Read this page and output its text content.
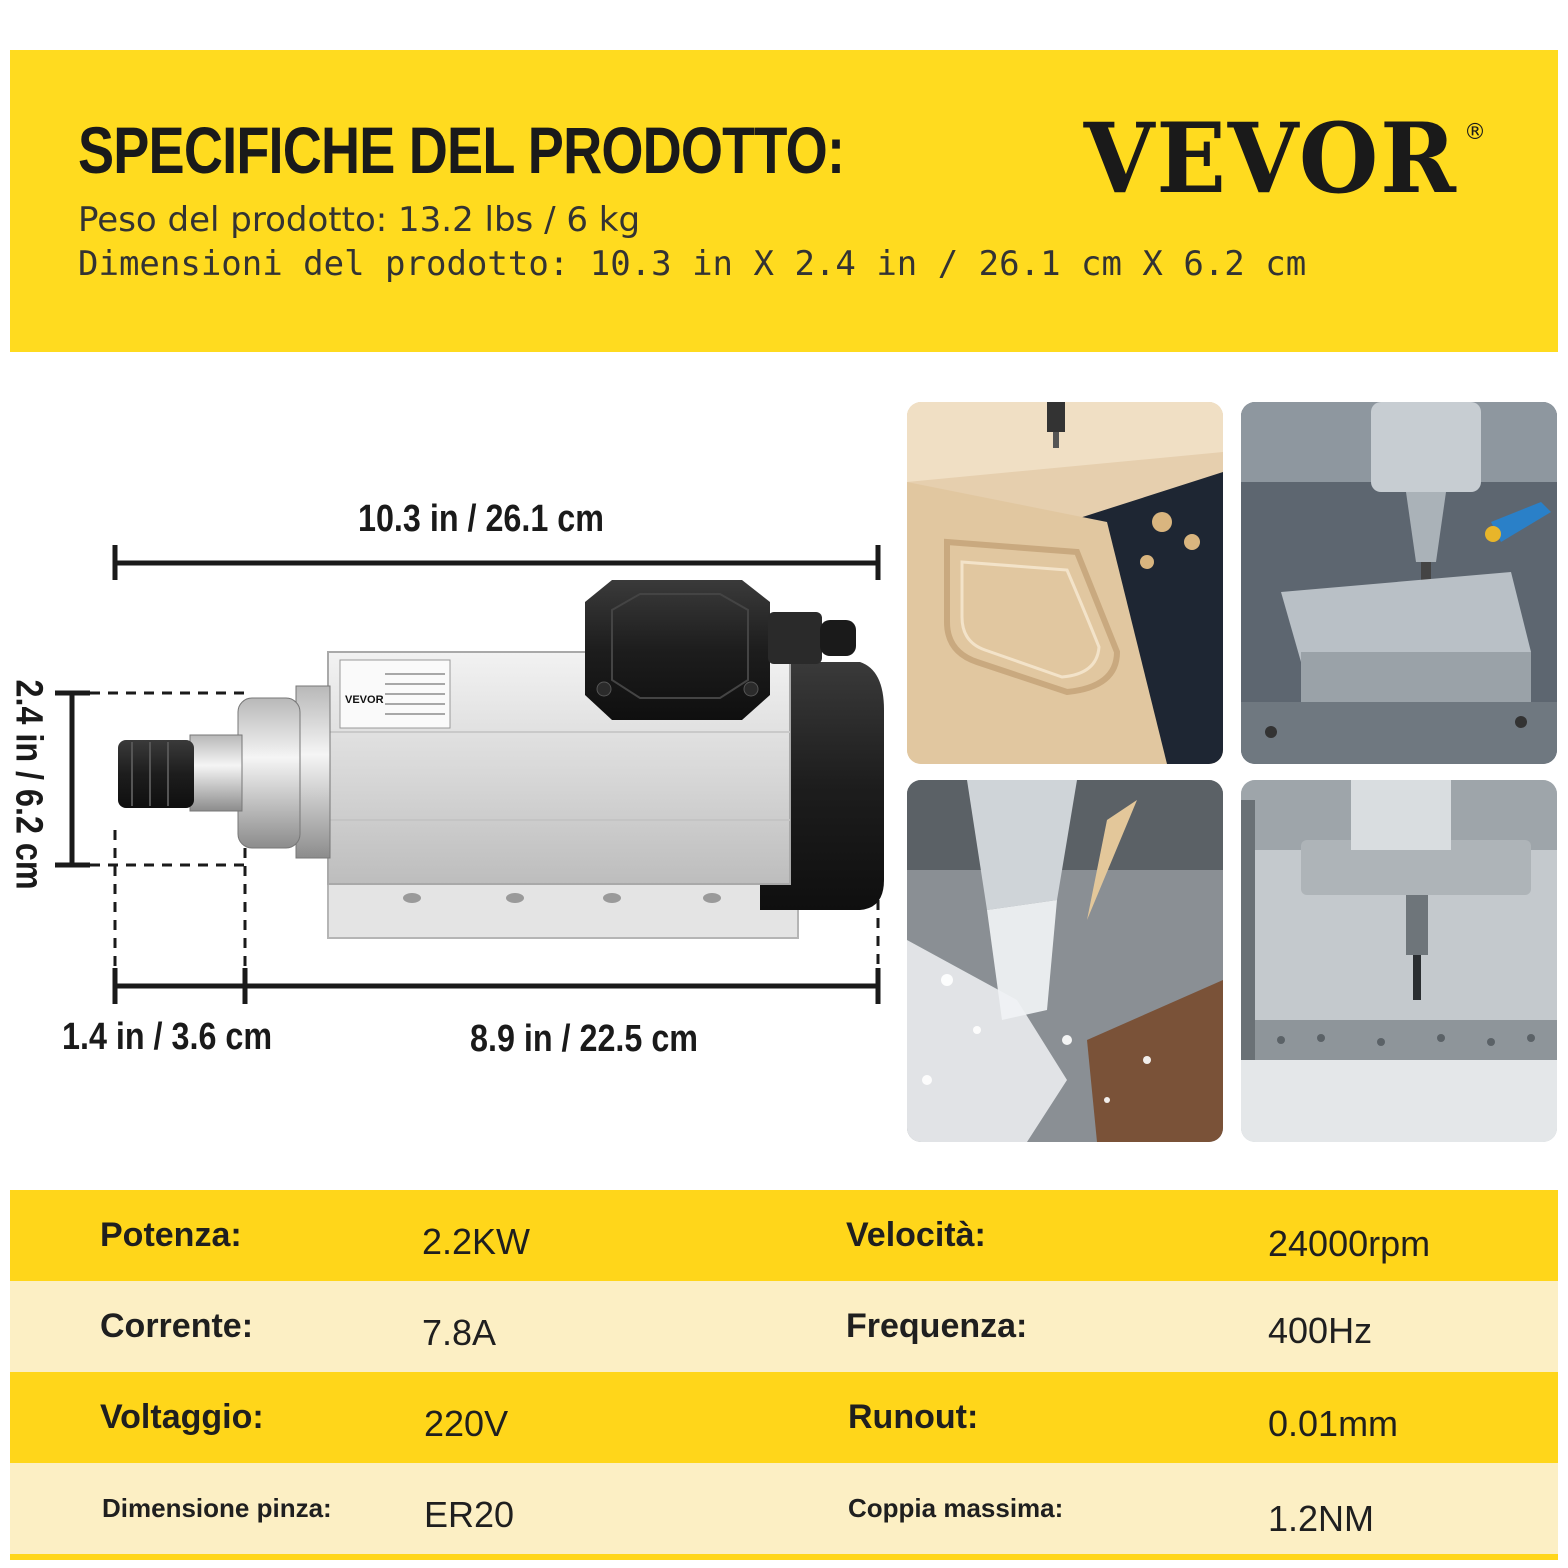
SPECIFICHE DEL PRODOTTO: VEVOR ®
Peso del prodotto: 13.2 lbs / 6 kg
Dimensioni del prodotto: 10.3 in X 2.4 in / 26.1 cm X 6.2 cm
VEVOR
10.3 in / 26.1 cm
2.4 in / 6.2 cm
1.4 in / 3.6 cm	8.9 in / 22.5 cm
Potenza:	2.2KW	Velocità:	24000rpm
Corrente:	7.8A	Frequenza:	400Hz
Voltaggio:	220V	Runout:	0.01mm
Dimensione pinza:	ER20	Coppia massima:	1.2NM
